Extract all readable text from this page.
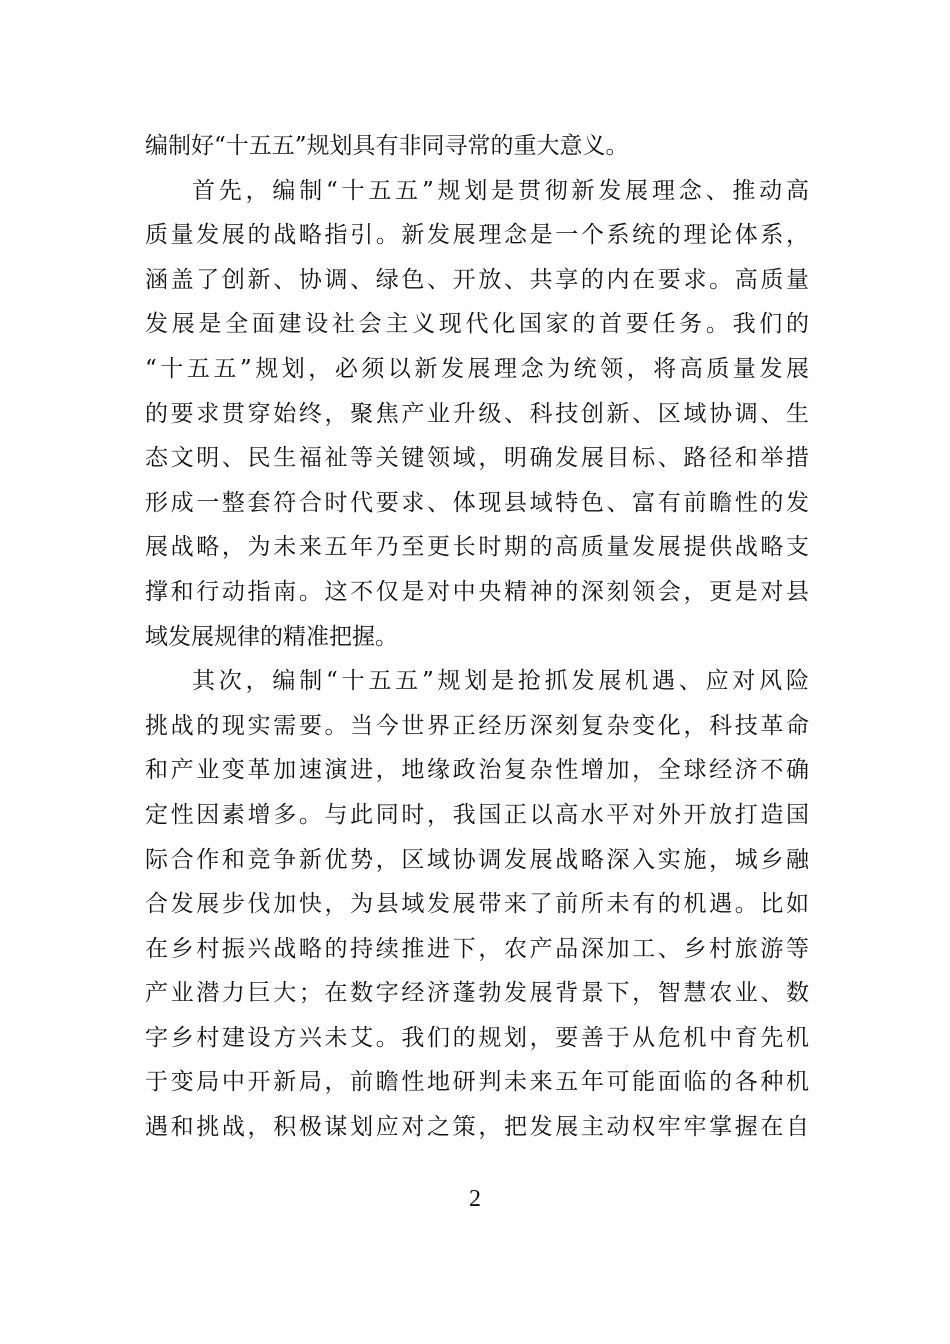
编制好“十五五”规划具有非同寻常的重大意义。
首先，编制“十五五”规划是贯彻新发展理念、推动高
质量发展的战略指引。新发展理念是一个系统的理论体系，
涵盖了创新、协调、绿色、开放、共享的内在要求。高质量
发展是全面建设社会主义现代化国家的首要任务。我们的
“十五五”规划，必须以新发展理念为统领，将高质量发展
的要求贯穿始终，聚焦产业升级、科技创新、区域协调、生
态文明、民生福祉等关键领域，明确发展目标、路径和举措
形成一整套符合时代要求、体现县域特色、富有前瞻性的发
展战略，为未来五年乃至更长时期的高质量发展提供战略支
撑和行动指南。这不仅是对中央精神的深刻领会，更是对县
域发展规律的精准把握。
其次，编制“十五五”规划是抢抓发展机遇、应对风险
挑战的现实需要。当今世界正经历深刻复杂变化，科技革命
和产业变革加速演进，地缘政治复杂性增加，全球经济不确
定性因素增多。与此同时，我国正以高水平对外开放打造国
际合作和竞争新优势，区域协调发展战略深入实施，城乡融
合发展步伐加快，为县域发展带来了前所未有的机遇。比如
在乡村振兴战略的持续推进下，农产品深加工、乡村旅游等
产业潜力巨大；在数字经济蓬勃发展背景下，智慧农业、数
字乡村建设方兴未艾。我们的规划，要善于从危机中育先机
于变局中开新局，前瞻性地研判未来五年可能面临的各种机
遇和挑战，积极谋划应对之策，把发展主动权牢牢掌握在自
2
